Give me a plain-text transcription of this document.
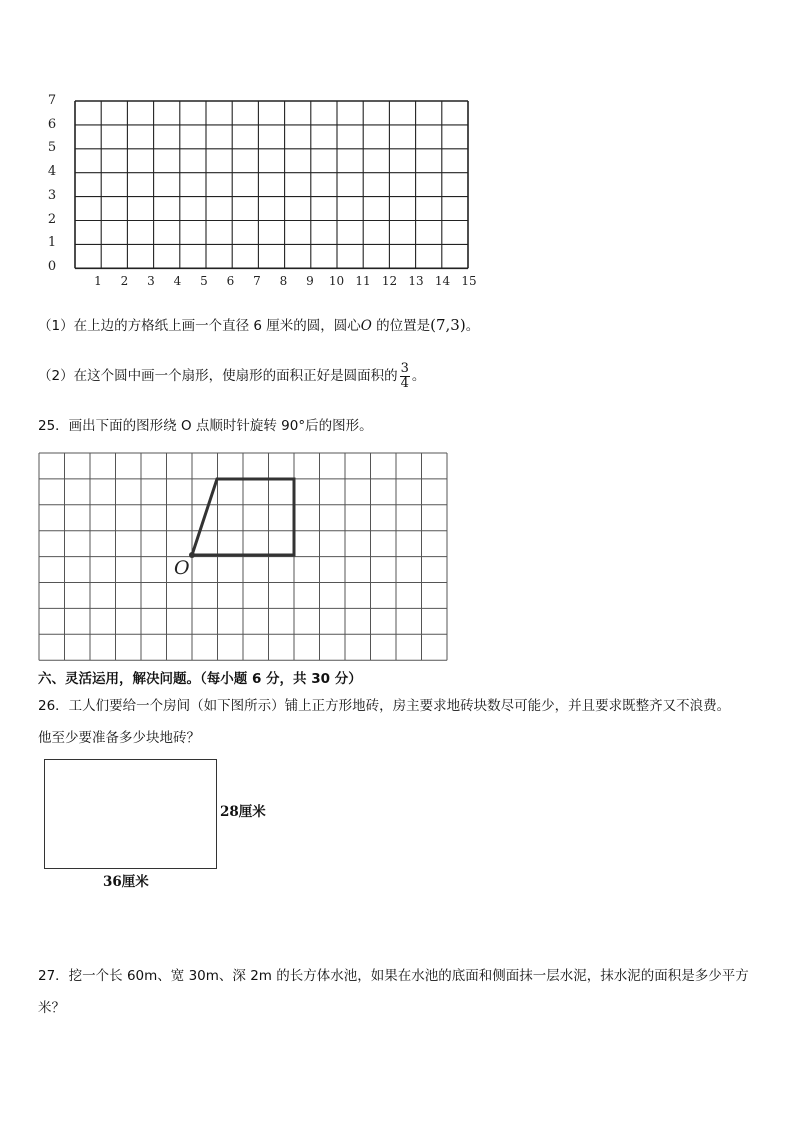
7
6
5
4
3
2
1
0
1 2 3 4 5 6 7 8 9 10 11 12 13 14 15
（1）在上边的方格纸上画一个直径 6 厘米的圆，圆心O 的位置是(7,3)。
（2）在这个圆中画一个扇形，使扇形的面积正好是圆面积的 $\frac{3}{4}$ 。
25．画出下面的图形绕 O 点顺时针旋转 90°后的图形。
O
六、灵活运用，解决问题。（每小题 6 分，共 30 分）
26．工人们要给一个房间（如下图所示）铺上正方形地砖，房主要求地砖块数尽可能少，并且要求既整齐又不浪费。
他至少要准备多少块地砖？
28厘米
36厘米
27．挖一个长 60m、宽 30m、深 2m 的长方体水池，如果在水池的底面和侧面抹一层水泥，抹水泥的面积是多少平方
米？
